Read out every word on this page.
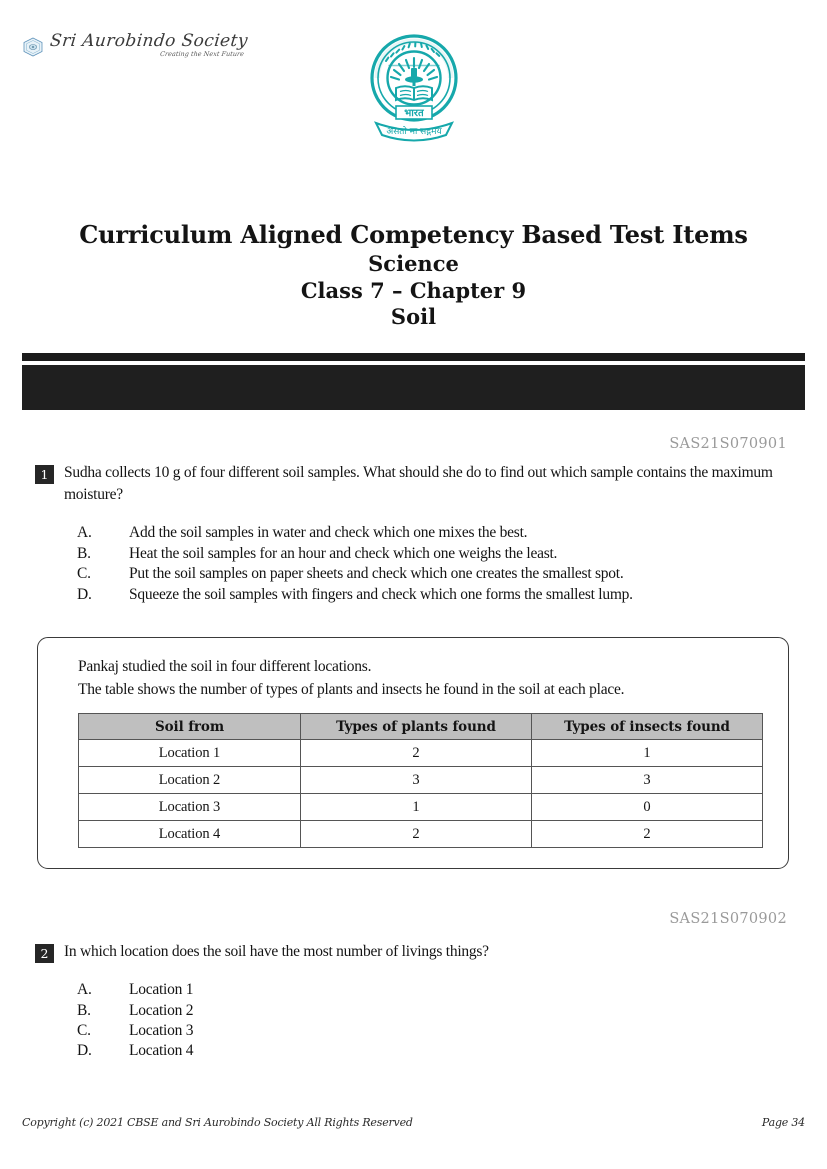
Sri Aurobindo Society
Creating the Next Future
भारत
असतो मा सद्गमय
केंद्रीय माध्यमिक शिक्षा बोर्ड
CENTRAL BOARD OF SECONDARY EDUCATION
Curriculum Aligned Competency Based Test Items
Science
Class 7 – Chapter 9
Soil
SAS21S070901
1	Sudha collects 10 g of four different soil samples. What should she do to find out which sample contains the maximum moisture?
A.	Add the soil samples in water and check which one mixes the best.
B.	Heat the soil samples for an hour and check which one weighs the least.
C.	Put the soil samples on paper sheets and check which one creates the smallest spot.
D.	Squeeze the soil samples with fingers and check which one forms the smallest lump.
Pankaj studied the soil in four different locations.
The table shows the number of types of plants and insects he found in the soil at each place.
Soil from	Types of plants found	Types of insects found
Location 1	2	1
Location 2	3	3
Location 3	1	0
Location 4	2	2
SAS21S070902
2	In which location does the soil have the most number of livings things?
A.	Location 1
B.	Location 2
C.	Location 3
D.	Location 4
Copyright (c) 2021 CBSE and Sri Aurobindo Society All Rights Reserved	Page 34
